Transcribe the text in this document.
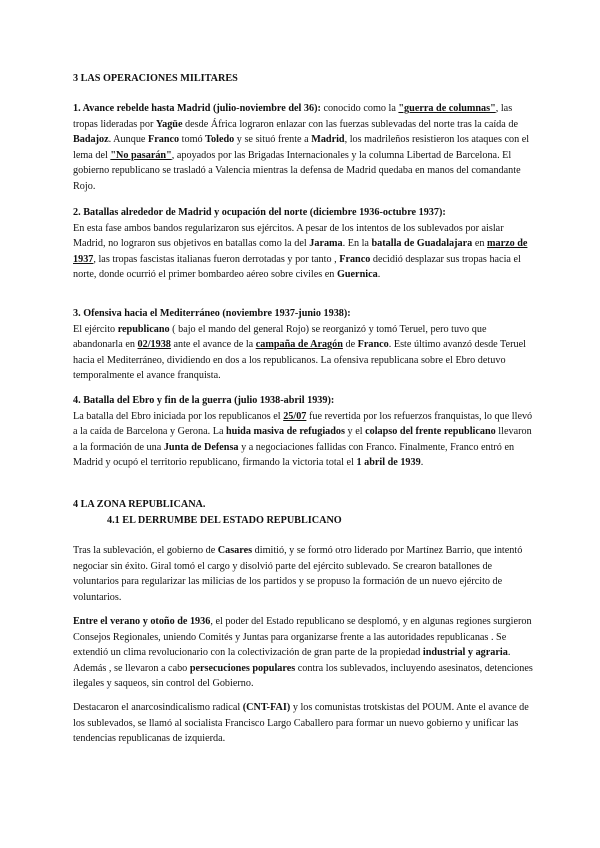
3 LAS OPERACIONES MILITARES

1. Avance rebelde hasta Madrid (julio-noviembre del 36): conocido como la "guerra de columnas", las tropas lideradas por Yagüe desde África lograron enlazar con las fuerzas sublevadas del norte tras la caída de Badajoz. Aunque Franco tomó Toledo y se situó frente a Madrid, los madrileños resistieron los ataques con el lema del "No pasarán", apoyados por las Brigadas Internacionales y la columna Libertad de Barcelona. El gobierno republicano se trasladó a Valencia mientras la defensa de Madrid quedaba en manos del comandante Rojo.

2. Batallas alrededor de Madrid y ocupación del norte (diciembre 1936-octubre 1937):
En esta fase ambos bandos regularizaron sus ejércitos. A pesar de los intentos de los sublevados por aislar Madrid, no lograron sus objetivos en batallas como la del Jarama. En la batalla de Guadalajara en marzo de 1937, las tropas fascistas italianas fueron derrotadas y por tanto , Franco decidió desplazar sus tropas hacia el norte, donde ocurrió el primer bombardeo aéreo sobre civiles en Guernica.

3. Ofensiva hacia el Mediterráneo (noviembre 1937-junio 1938):
El ejército republicano ( bajo el mando del general Rojo) se reorganizó y tomó Teruel, pero tuvo que abandonarla en 02/1938 ante el avance de la campaña de Aragón de Franco. Este último avanzó desde Teruel hacia el Mediterráneo, dividiendo en dos a los republicanos. La ofensiva republicana sobre el Ebro detuvo temporalmente el avance franquista.

4. Batalla del Ebro y fin de la guerra (julio 1938-abril 1939):
La batalla del Ebro iniciada por los republicanos el 25/07 fue revertida por los refuerzos franquistas, lo que llevó a la caída de Barcelona y Gerona. La huida masiva de refugiados y el colapso del frente republicano llevaron a la formación de una Junta de Defensa y a negociaciones fallidas con Franco. Finalmente, Franco entró en Madrid y ocupó el territorio republicano, firmando la victoria total el 1 abril de 1939.

4 LA ZONA REPUBLICANA.
4.1 EL DERRUMBE DEL ESTADO REPUBLICANO

Tras la sublevación, el gobierno de Casares dimitió, y se formó otro liderado por Martínez Barrio, que intentó negociar sin éxito. Giral tomó el cargo y disolvió parte del ejército sublevado. Se crearon batallones de voluntarios para regularizar las milicias de los partidos y se propuso la formación de un nuevo ejército de voluntarios.

Entre el verano y otoño de 1936, el poder del Estado republicano se desplomó, y en algunas regiones surgieron Consejos Regionales, uniendo Comités y Juntas para organizarse frente a las autoridades republicanas . Se extendió un clima revolucionario con la colectivización de gran parte de la propiedad industrial y agraria. Además , se llevaron a cabo persecuciones populares contra los sublevados, incluyendo asesinatos, detenciones ilegales y saqueos, sin control del Gobierno.

Destacaron el anarcosindicalismo radical (CNT-FAI) y los comunistas trotskistas del POUM. Ante el avance de los sublevados, se llamó al socialista Francisco Largo Caballero para formar un nuevo gobierno y unificar las tendencias republicanas de izquierda.
